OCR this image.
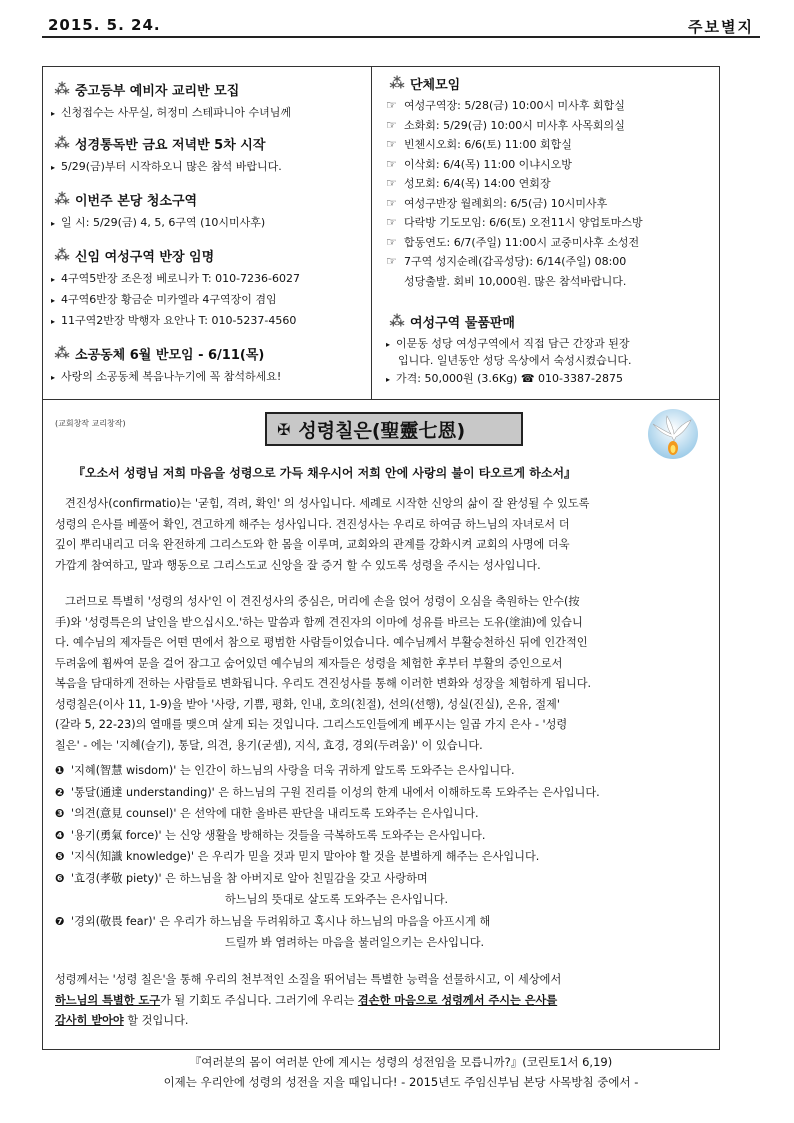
2015. 5. 24.	주보별지
⁂ 중고등부 예비자 교리반 모집
▸ 신청접수는 사무실, 허정미 스테파니아 수녀님께
⁂ 성경통독반 금요 저녁반 5차 시작
▸ 5/29(금)부터 시작하오니 많은 참석 바랍니다.
⁂ 이번주 본당 청소구역
▸ 일 시: 5/29(금) 4, 5, 6구역 (10시미사후)
⁂ 신임 여성구역 반장 임명
▸ 4구역5반장 조은정 베로니카 T: 010-7236-6027
▸ 4구역6반장 황금순 미카엘라 4구역장이 겸임
▸ 11구역2반장 박행자 요안나 T: 010-5237-4560
⁂ 소공동체 6월 반모임 - 6/11(목)
▸ 사랑의 소공동체 복음나누기에 꼭 참석하세요!
⁂ 단체모임
☞ 여성구역장: 5/28(금) 10:00시 미사후 회합실
☞ 소화회: 5/29(금) 10:00시 미사후 사목회의실
☞ 빈첸시오회: 6/6(토) 11:00 회합실
☞ 이삭회: 6/4(목) 11:00 이냐시오방
☞ 성모회: 6/4(목) 14:00 연회장
☞ 여성구반장 월례회의: 6/5(금) 10시미사후
☞ 다락방 기도모임: 6/6(토) 오전11시 양업토마스방
☞ 합동연도: 6/7(주일) 11:00시 교중미사후 소성전
☞ 7구역 성지순례(갑곡성당): 6/14(주일) 08:00
성당출발. 회비 10,000원. 많은 참석바랍니다.
⁂ 여성구역 물품판매
▸ 이문동 성당 여성구역에서 직접 담근 간장과 된장
입니다. 일년동안 성당 옥상에서 숙성시켰습니다.
▸ 가격: 50,000원 (3.6Kg) ☎ 010-3387-2875
(교회창작 교리창작)	✠ 성령칠은(聖靈七恩)
『오소서 성령님 저희 마음을 성령으로 가득 채우시어 저희 안에 사랑의 불이 타오르게 하소서』
견진성사(confirmatio)는 '굳힘, 격려, 확인' 의 성사입니다. 세례로 시작한 신앙의 삶이 잘 완성될 수 있도록
성령의 은사를 베풀어 확인, 견고하게 해주는 성사입니다. 견진성사는 우리로 하여금 하느님의 자녀로서 더
깊이 뿌리내리고 더욱 완전하게 그리스도와 한 몸을 이루며, 교회와의 관계를 강화시켜 교회의 사명에 더욱
가깝게 참여하고, 말과 행동으로 그리스도교 신앙을 잘 증거 할 수 있도록 성령을 주시는 성사입니다.
그러므로 특별히 '성령의 성사'인 이 견진성사의 중심은, 머리에 손을 얹어 성령이 오심을 축원하는 안수(按
手)와 '성령특은의 날인을 받으십시오.'하는 말씀과 함께 견진자의 이마에 성유를 바르는 도유(塗油)에 있습니
다. 예수님의 제자들은 어떤 면에서 참으로 평범한 사람들이었습니다. 예수님께서 부활승천하신 뒤에 인간적인
두려움에 휩싸여 문을 걸어 잠그고 숨어있던 예수님의 제자들은 성령을 체험한 후부터 부활의 증인으로서
복음을 담대하게 전하는 사람들로 변화됩니다. 우리도 견진성사를 통해 이러한 변화와 성장을 체험하게 됩니다.
성령칠은(이사 11, 1-9)을 받아 '사랑, 기쁨, 평화, 인내, 호의(친절), 선의(선행), 성실(진실), 온유, 절제'
(갈라 5, 22-23)의 열매를 맺으며 살게 되는 것입니다. 그리스도인들에게 베푸시는 일곱 가지 은사 - '성령
칠은' - 에는 '지혜(슬기), 통달, 의견, 용기(굳셈), 지식, 효경, 경외(두려움)' 이 있습니다.
❶ '지혜(智慧 wisdom)' 는 인간이 하느님의 사랑을 더욱 귀하게 알도록 도와주는 은사입니다.
❷ '통달(通達 understanding)' 은 하느님의 구원 진리를 이성의 한계 내에서 이해하도록 도와주는 은사입니다.
❸ '의견(意見 counsel)' 은 선악에 대한 올바른 판단을 내리도록 도와주는 은사입니다.
❹ '용기(勇氣 force)' 는 신앙 생활을 방해하는 것들을 극복하도록 도와주는 은사입니다.
❺ '지식(知識 knowledge)' 은 우리가 믿을 것과 믿지 말아야 할 것을 분별하게 해주는 은사입니다.
❻ '효경(孝敬 piety)' 은 하느님을 참 아버지로 알아 친밀감을 갖고 사랑하며
하느님의 뜻대로 살도록 도와주는 은사입니다.
❼ '경외(敬畏 fear)' 은 우리가 하느님을 두려워하고 혹시나 하느님의 마음을 아프시게 해
드릴까 봐 염려하는 마음을 불러일으키는 은사입니다.
성령께서는 '성령 칠은'을 통해 우리의 천부적인 소질을 뛰어넘는 특별한 능력을 선물하시고, 이 세상에서
하느님의 특별한 도구가 될 기회도 주십니다. 그러기에 우리는 겸손한 마음으로 성령께서 주시는 은사를
감사히 받아야 할 것입니다.
『여러분의 몸이 여러분 안에 계시는 성령의 성전임을 모릅니까?』(코린토1서 6,19)
이제는 우리안에 성령의 성전을 지을 때입니다! - 2015년도 주임신부님 본당 사목방침 중에서 -
